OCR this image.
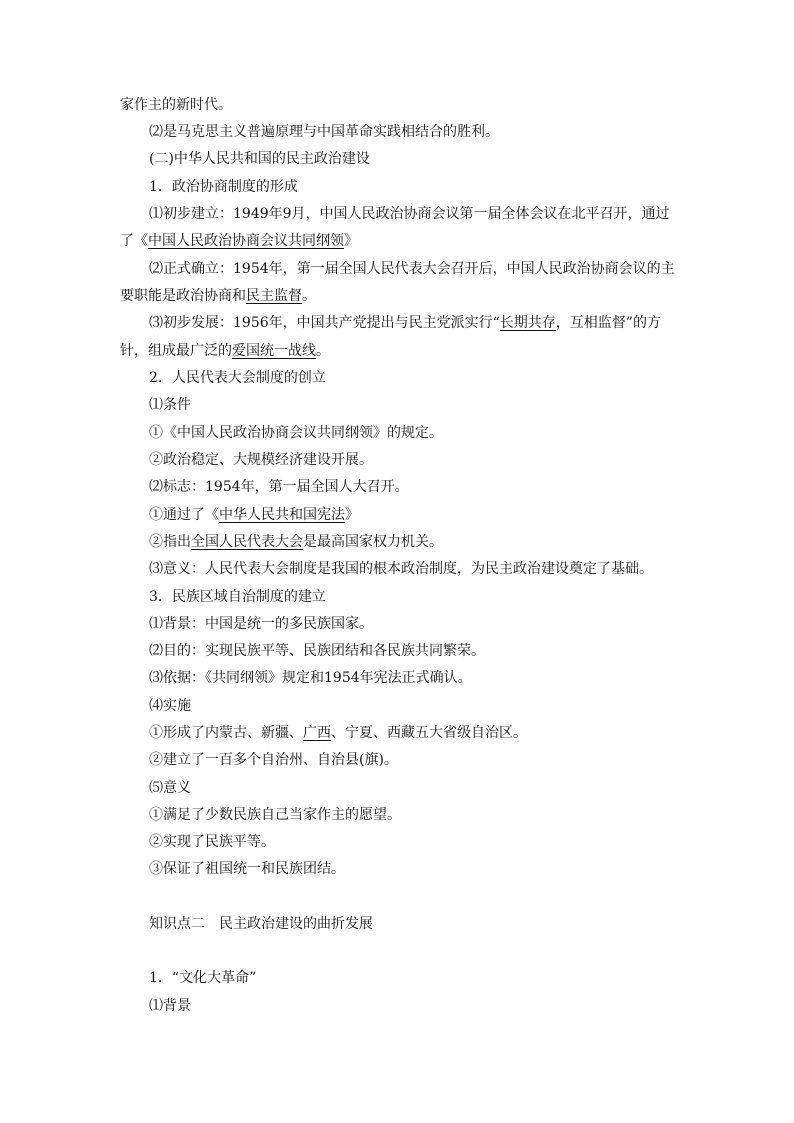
家作主的新时代。
⑵是马克思主义普遍原理与中国革命实践相结合的胜利。
(二)中华人民共和国的民主政治建设
1．政治协商制度的形成
⑴初步建立：1949年9月，中国人民政治协商会议第一届全体会议在北平召开，通过
了《中国人民政治协商会议共同纲领》
⑵正式确立：1954年，第一届全国人民代表大会召开后，中国人民政治协商会议的主
要职能是政治协商和民主监督。
⑶初步发展：1956年，中国共产党提出与民主党派实行“长期共存，互相监督”的方
针，组成最广泛的爱国统一战线。
2．人民代表大会制度的创立
⑴条件
①《中国人民政治协商会议共同纲领》的规定。
②政治稳定、大规模经济建设开展。
⑵标志：1954年，第一届全国人大召开。
①通过了《中华人民共和国宪法》
②指出全国人民代表大会是最高国家权力机关。
⑶意义：人民代表大会制度是我国的根本政治制度，为民主政治建设奠定了基础。
3．民族区域自治制度的建立
⑴背景：中国是统一的多民族国家。
⑵目的：实现民族平等、民族团结和各民族共同繁荣。
⑶依据：《共同纲领》规定和1954年宪法正式确认。
⑷实施
①形成了内蒙古、新疆、广西、宁夏、西藏五大省级自治区。
②建立了一百多个自治州、自治县(旗)。
⑸意义
①满足了少数民族自己当家作主的愿望。
②实现了民族平等。
③保证了祖国统一和民族团结。
知识点二　民主政治建设的曲折发展
1．“文化大革命”
⑴背景
